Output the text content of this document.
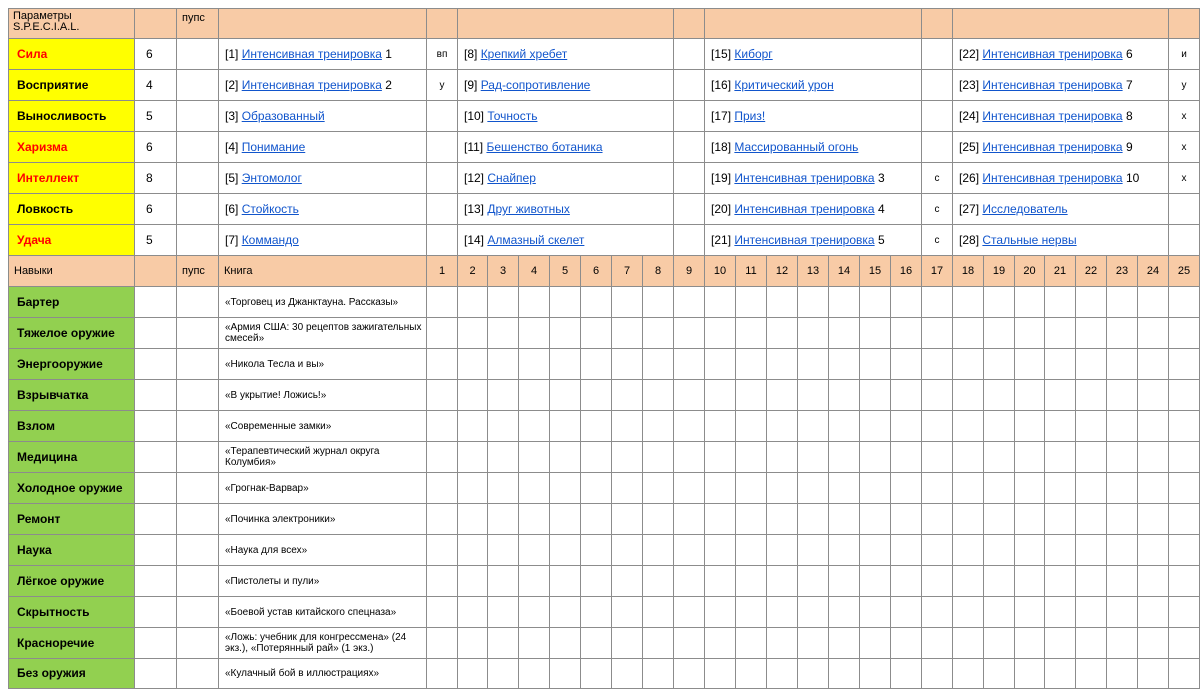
Параметры S.P.E.C.I.A.L.		пупс																										
Сила	6		[1] Интенсивная тренировка 1	вп	[8] Крепкий хребет								[15] Киборг								[22] Интенсивная тренировка 6							и
Восприятие	4		[2] Интенсивная тренировка 2	у	[9] Рад-сопротивление								[16] Критический урон								[23] Интенсивная тренировка 7							у
Выносливость	5		[3] Образованный		[10] Точность								[17] Приз!								[24] Интенсивная тренировка 8							х
Харизма	6		[4] Понимание		[11] Бешенство ботаника								[18] Массированный огонь								[25] Интенсивная тренировка 9							х
Интеллект	8		[5] Энтомолог		[12] Снайпер								[19] Интенсивная тренировка 3							с	[26] Интенсивная тренировка 10							х
Ловкость	6		[6] Стойкость		[13] Друг животных								[20] Интенсивная тренировка 4							с	[27] Исследователь							
Удача	5		[7] Коммандо		[14] Алмазный скелет								[21] Интенсивная тренировка 5							с	[28] Стальные нервы							
Навыки		пупс	Книга	1	2	3	4	5	6	7	8	9	10	11	12	13	14	15	16	17	18	19	20	21	22	23	24	25
Бартер			«Торговец из Джанктауна. Рассказы»																									
Тяжелое оружие			«Армия США: 30 рецептов зажигательных смесей»																									
Энергооружие			«Никола Тесла и вы»																									
Взрывчатка			«В укрытие! Ложись!»																									
Взлом			«Современные замки»																									
Медицина			«Терапевтический журнал округа Колумбия»																									
Холодное оружие			«Грогнак-Варвар»																									
Ремонт			«Починка электроники»																									
Наука			«Наука для всех»																									
Лёгкое оружие			«Пистолеты и пули»																									
Скрытность			«Боевой устав китайского спецназа»																									
Красноречие			«Ложь: учебник для конгрессмена» (24 экз.), «Потерянный рай» (1 экз.)																									
Без оружия			«Кулачный бой в иллюстрациях»																									
